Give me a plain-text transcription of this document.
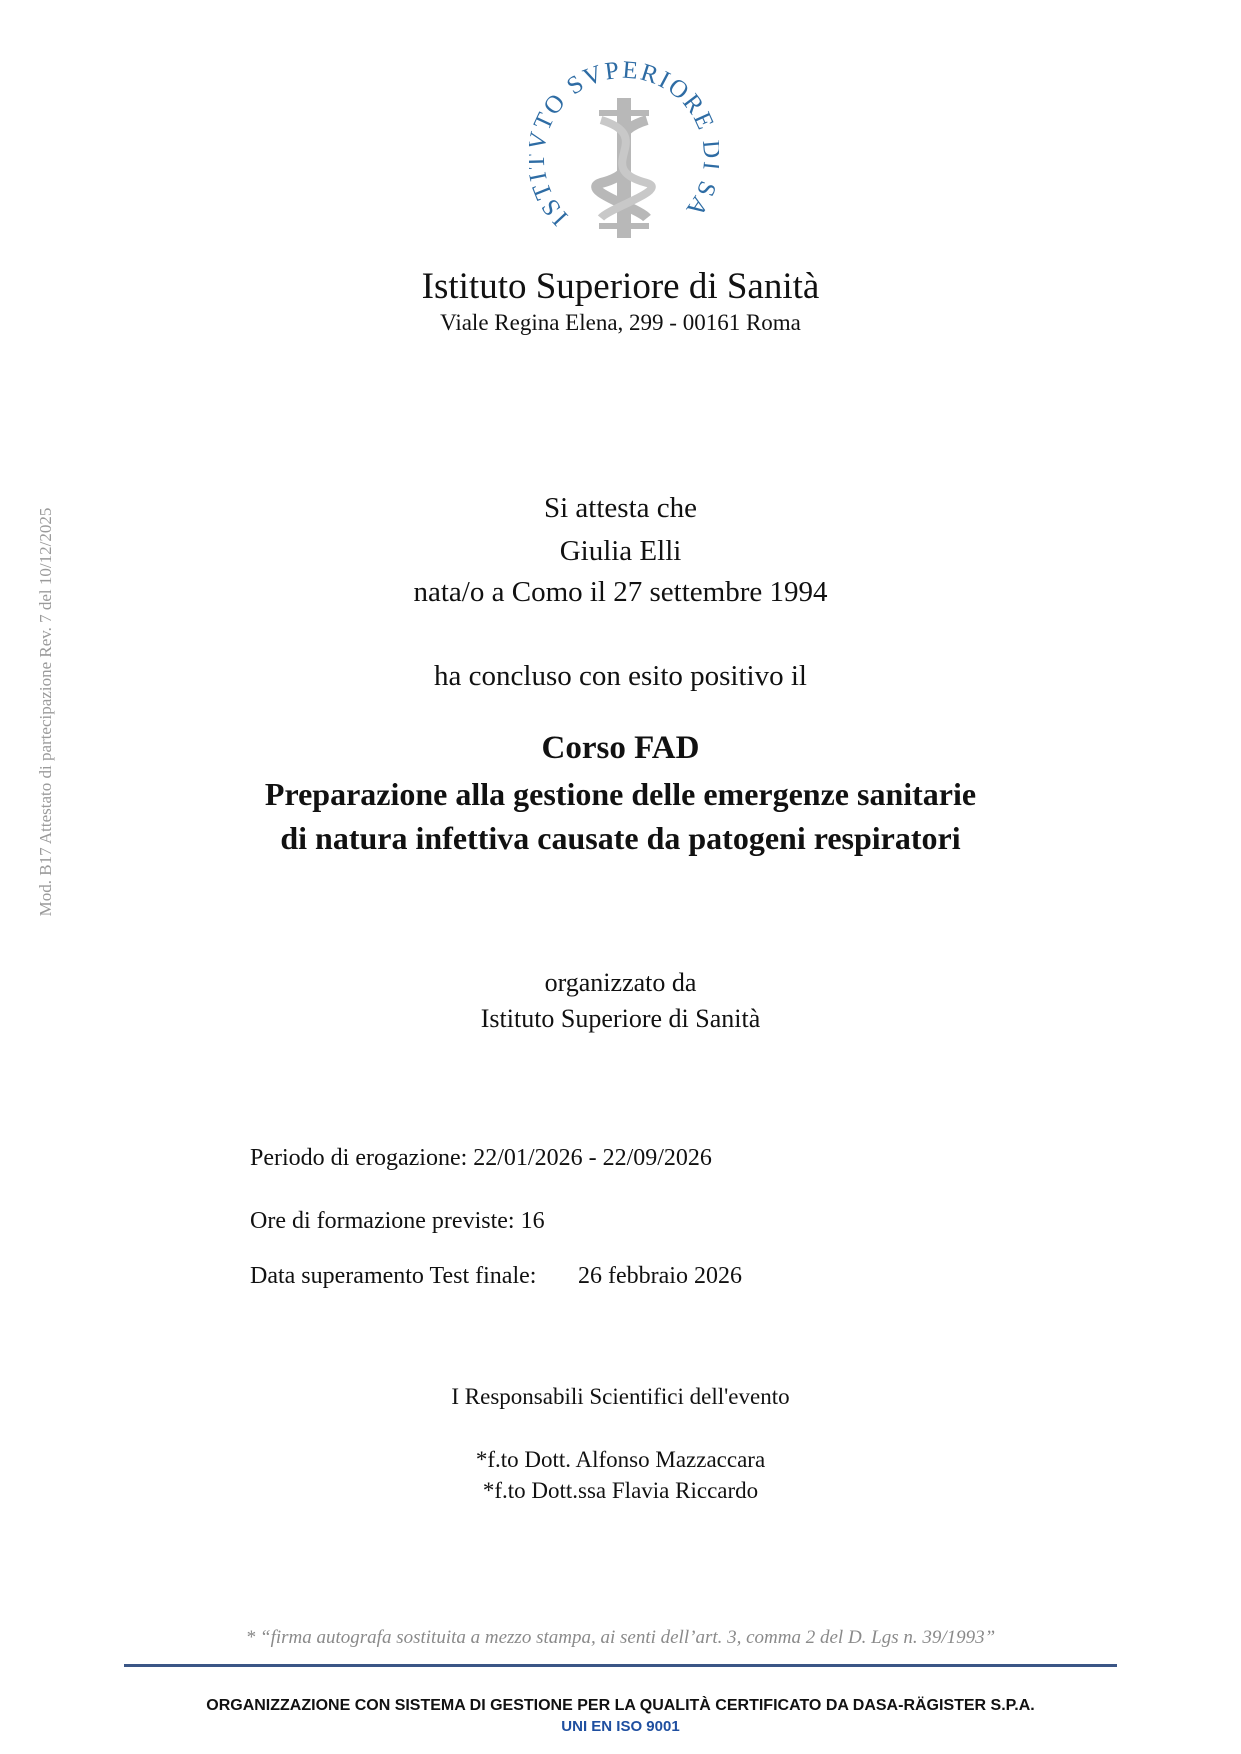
IST TO SVPERIORE SA
Istituto Superiore di Sanità
Viale Regina Elena, 299 - 00161 Roma
Mod. B17 Attestato di partecipazione Rev. 7 del 10/12/2025	Si attesta che
Giulia Elli
nata/o a Como il 27 settembre 1994
ha concluso con esito positivo il
Corso FAD
Preparazione alla gestione delle emergenze sanitarie
di natura infettiva causate da patogeni respiratori
organizzato da
Istituto Superiore di Sanità
Periodo di erogazione: 22/01/2026 - 22/09/2026
Ore di formazione previste: 16
Data superamento Test finale: 26 febbraio 2026
I Responsabili Scientifici dell'evento
*f.to Dott. Alfonso Mazzaccara
*f.to Dott.ssa Flavia Riccardo
* “firma autografa sostituita a mezzo stampa, ai senti dell’art. 3, comma 2 del D. Lgs n. 39/1993”
ORGANIZZAZIONE CON SISTEMA DI GESTIONE PER LA QUALITÀ CERTIFICATO DA DASA-RÄGISTER S.P.A.
UNI EN ISO 9001
